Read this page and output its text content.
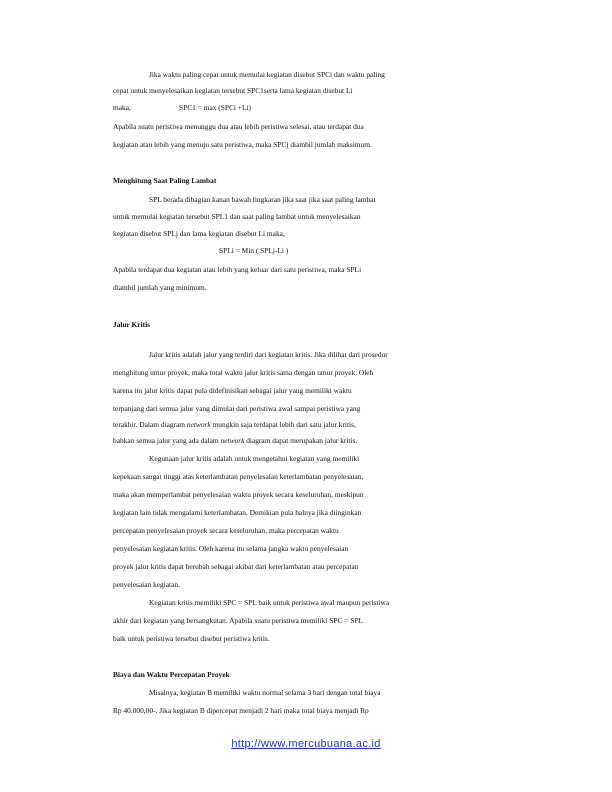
Jika waktu paling cepat untuk memulai kegiatan disebut SPCi dan waktu paling
cepat untuk menyelesaikan kegiatan tersebut SPC1serta lama kegiatan disebut Li
maka,	SPC1 = maх (SPCi +Li)
Apabila suatu peristiwa menunggu dua atau lebih peristiwa selesai, atau terdapat dua
kegiatan atau lebih yang menuju satu peristiwa, maka SPCj diambil jumlah maksimum.
Menghitung Saat Paling Lambat
SPL berada dibagian kanan bawah lingkaran jika saat jika saat paling lambat
untuk memulai kegiatan tersebut SPL1 dan saat paling lambat untuk menyelesaikan
kegiatan disebut SPLj dan lama kegiatan disebut Li maka,
SPLi = Min ( SPLj-Li )
Apabila terdapat dua kegiatan atau lebih yang keluar dari satu peristiwa, maka SPLi
diambil jumlah yang minimum.
Jalur Kritis
Jalur kritis adalah jalur yang terdiri dari kegiatan kritis. Jika dilihat dari prosedur
menghitung umur proyek, maka total waktu jalur kritis sama dengan umur proyek. Oleh
karena itu jalur kritis dapat pula didefinisikan sebagai jalur yang memiliki waktu
terpanjang dari semua jalur yang dimulai dari peristiwa awal sampai peristiwa yang
terakhir. Dalam diagram network mungkin saja terdapat lebih dari satu jalur kritis,
bahkan semua jalur yang ada dalam network diagram dapat merupakan jalur kritis.
Kegunaan jalur kritis adalah untuk mengetahui kegiatan yang memiliki
kepekaan sangat tinggi atas keterlambatan penyelesaian keterlambatan penyelesaian,
maka akan memperlambat penyelesaian waktu proyek secara keseluruhan, meskipun
kegiatan lain tidak mengalami keterlambatan. Demikian pula halnya jika diinginkan
percepatan penyelesaian proyek secara keseluruhan, maka percepatan waktu
penyelesaian kegiatan kritis. Oleh karena itu selama jangka waktu penyelesaian
proyek jalur kritis dapat berubah sebagai akibat dari keterlambatan atau percepatan
penyelesaian kegiatan.
Kegiatan kritis memiliki SPC = SPL baik untuk peristiwa awal maupun peristiwa
akhir dari kegiatan yang bersangkutan. Apabila suatu peristiwa memiliki SPC = SPL
baik untuk peristiwa tersebut disebut peristiwa kritis.
Biaya dan Waktu Percepatan Proyek
Misalnya, kegiatan B memiliki waktu normal selama 3 hari dengan total biaya
Rp 40.000,00-. Jika kegiatan B dipercepat menjadi 2 hari maka total biaya menjadi Rp
http://www.mercubuana.ac.id
